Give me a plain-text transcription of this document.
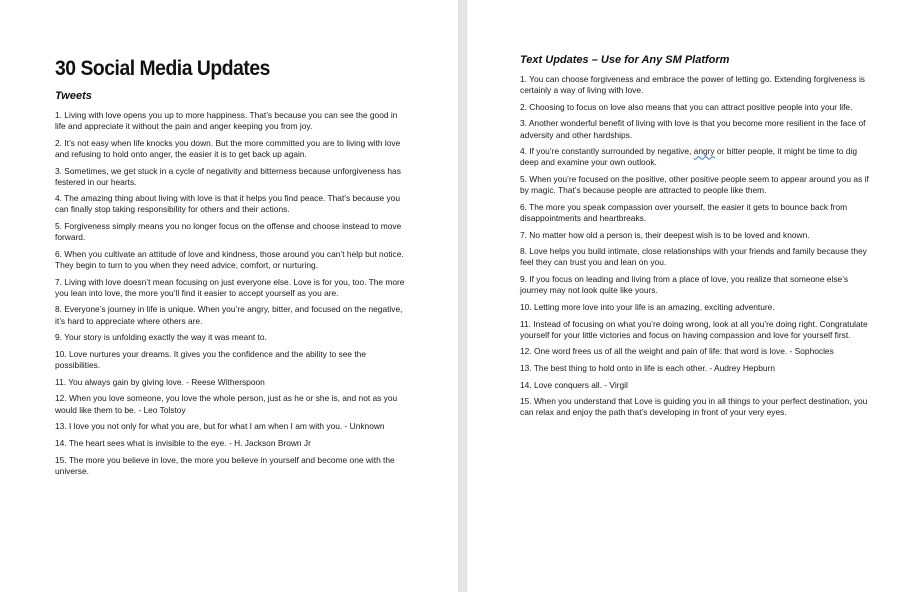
30 Social Media Updates
Tweets

1. Living with love opens you up to more happiness. That’s because you can see the good in life and appreciate it without the pain and anger keeping you from joy.

2. It’s not easy when life knocks you down. But the more committed you are to living with love and refusing to hold onto anger, the easier it is to get back up again.

3. Sometimes, we get stuck in a cycle of negativity and bitterness because unforgiveness has festered in our hearts.

4. The amazing thing about living with love is that it helps you find peace. That’s because you can finally stop taking responsibility for others and their actions.

5. Forgiveness simply means you no longer focus on the offense and choose instead to move forward.

6. When you cultivate an attitude of love and kindness, those around you can’t help but notice. They begin to turn to you when they need advice, comfort, or nurturing.

7. Living with love doesn’t mean focusing on just everyone else. Love is for you, too. The more you lean into love, the more you’ll find it easier to accept yourself as you are.

8. Everyone’s journey in life is unique. When you’re angry, bitter, and focused on the negative, it’s hard to appreciate where others are.

9. Your story is unfolding exactly the way it was meant to.

10. Love nurtures your dreams. It gives you the confidence and the ability to see the possibilities.

11. You always gain by giving love. - Reese Witherspoon

12. When you love someone, you love the whole person, just as he or she is, and not as you would like them to be. - Leo Tolstoy

13. I love you not only for what you are, but for what I am when I am with you. - Unknown

14. The heart sees what is invisible to the eye. - H. Jackson Brown Jr

15. The more you believe in love, the more you believe in yourself and become one with the universe.

Text Updates – Use for Any SM Platform

1. You can choose forgiveness and embrace the power of letting go. Extending forgiveness is certainly a way of living with love.

2. Choosing to focus on love also means that you can attract positive people into your life.

3. Another wonderful benefit of living with love is that you become more resilient in the face of adversity and other hardships.

4. If you’re constantly surrounded by negative, angry or bitter people, it might be time to dig deep and examine your own outlook.

5. When you’re focused on the positive, other positive people seem to appear around you as if by magic. That’s because people are attracted to people like them.

6. The more you speak compassion over yourself, the easier it gets to bounce back from disappointments and heartbreaks.

7. No matter how old a person is, their deepest wish is to be loved and known.

8. Love helps you build intimate, close relationships with your friends and family because they feel they can trust you and lean on you.

9. If you focus on leading and living from a place of love, you realize that someone else’s journey may not look quite like yours.

10. Letting more love into your life is an amazing, exciting adventure.

11. Instead of focusing on what you’re doing wrong, look at all you’re doing right. Congratulate yourself for your little victories and focus on having compassion and love for yourself first.

12. One word frees us of all the weight and pain of life: that word is love. - Sophocles

13. The best thing to hold onto in life is each other. - Audrey Hepburn

14. Love conquers all. - Virgil

15. When you understand that Love is guiding you in all things to your perfect destination, you can relax and enjoy the path that’s developing in front of your very eyes.
